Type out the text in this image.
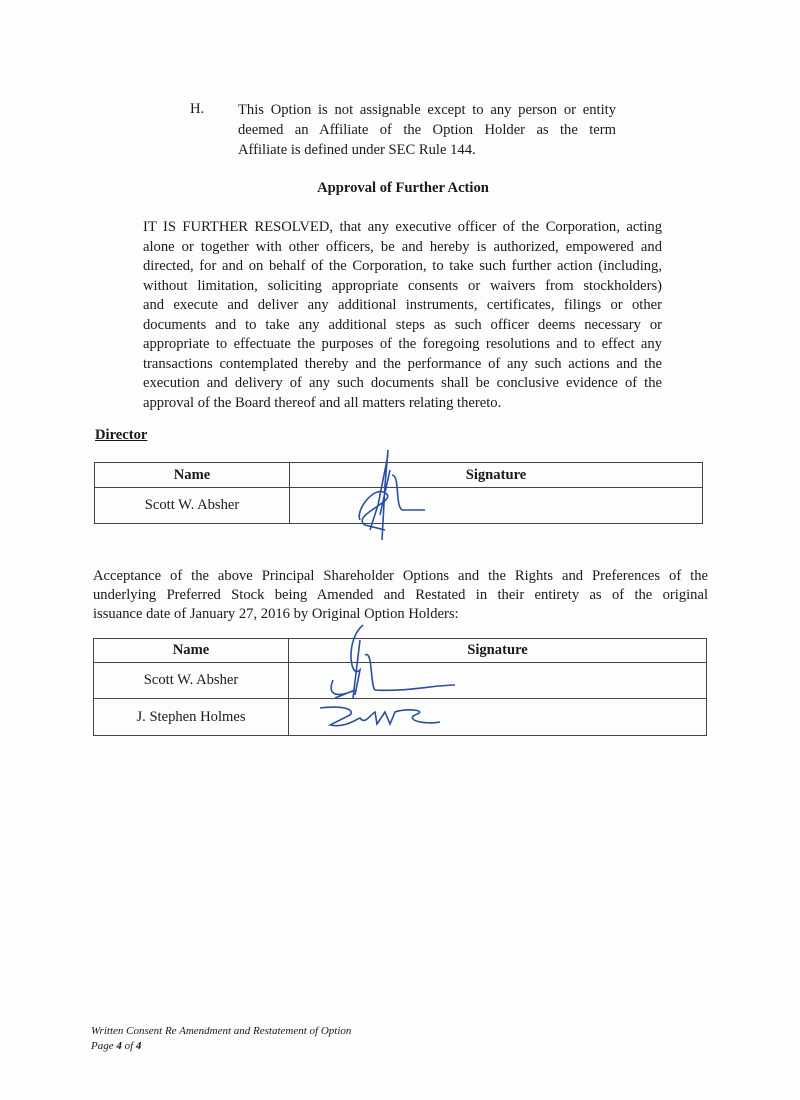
H. This Option is not assignable except to any person or entity
deemed an Affiliate of the Option Holder as the term
Affiliate is defined under SEC Rule 144.
Approval of Further Action
IT IS FURTHER RESOLVED, that any executive officer of the Corporation, acting
alone or together with other officers, be and hereby is authorized, empowered and
directed, for and on behalf of the Corporation, to take such further action (including,
without limitation, soliciting appropriate consents or waivers from stockholders)
and execute and deliver any additional instruments, certificates, filings or other
documents and to take any additional steps as such officer deems necessary or
appropriate to effectuate the purposes of the foregoing resolutions and to effect any
transactions contemplated thereby and the performance of any such actions and the
execution and delivery of any such documents shall be conclusive evidence of the
approval of the Board thereof and all matters relating thereto.
Director
Name	Signature
Scott W. Absher	
Acceptance of the above Principal Shareholder Options and the Rights and Preferences of the
underlying Preferred Stock being Amended and Restated in their entirety as of the original
issuance date of January 27, 2016 by Original Option Holders:
Name	Signature
Scott W. Absher	
J. Stephen Holmes	
Written Consent Re Amendment and Restatement of Option
Page 4 of 4
